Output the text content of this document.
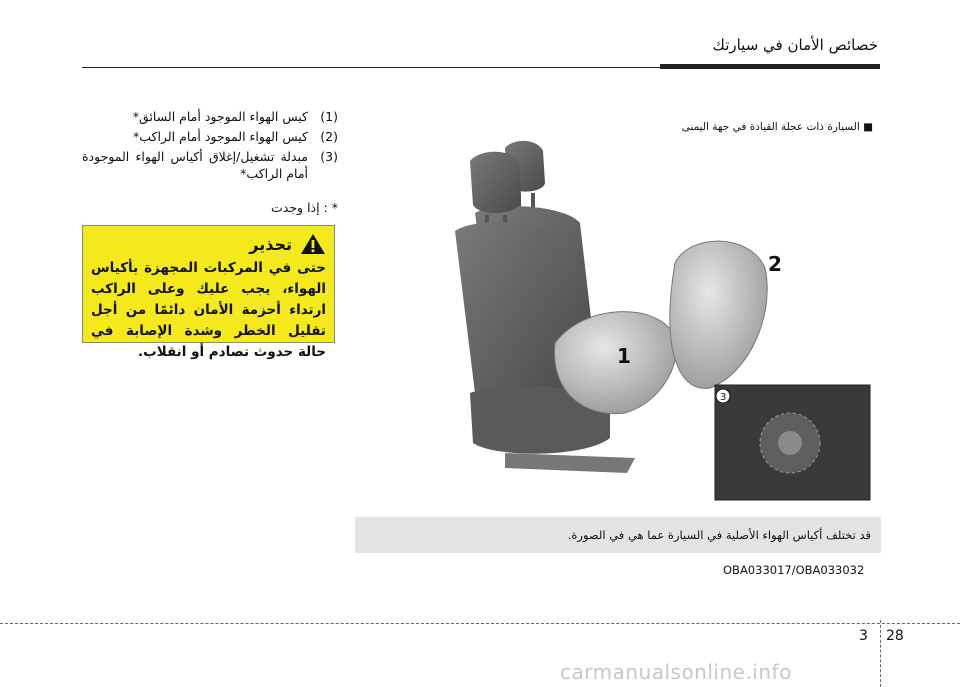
خصائص الأمان في سيارتك
(1)
كيس الهواء الموجود أمام السائق*
(2)
كيس الهواء الموجود أمام الراكب*
(3)
مبدلة تشغيل/إغلاق أكياس الهواء الموجودة أمام الراكب*
* : إذا وجدت
تحذير
حتى في المركبات المجهزة بأكياس الهواء، يجب عليك وعلى الراكب ارتداء أحزمة الأمان دائمًا من أجل تقليل الخطر وشدة الإصابة في حالة حدوث تصادم أو انقلاب.	1
2
3
■ السيارة ذات عجلة القيادة في جهة اليمنى
قد تختلف أكياس الهواء الأصلية في السيارة عما هي في الصورة.
OBA033017/OBA033032
3 28
carmanualsonline.info
